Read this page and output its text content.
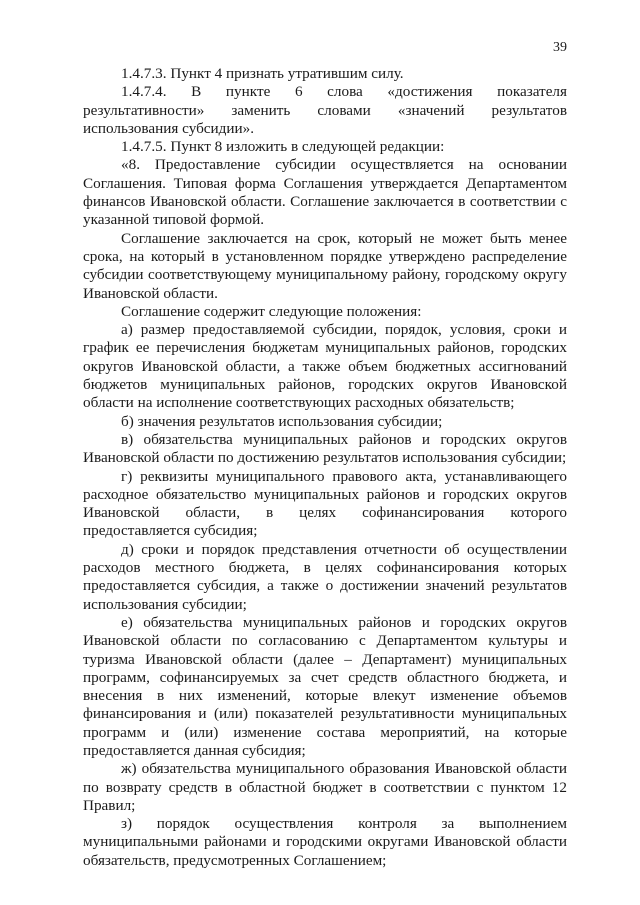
39

1.4.7.3. Пункт 4 признать утратившим силу.

1.4.7.4. В пункте 6 слова «достижения показателя результативности» заменить словами «значений результатов использования субсидии».

1.4.7.5. Пункт 8 изложить в следующей редакции:

«8. Предоставление субсидии осуществляется на основании Соглашения. Типовая форма Соглашения утверждается Департаментом финансов Ивановской области. Соглашение заключается в соответствии с указанной типовой формой.

Соглашение заключается на срок, который не может быть менее срока, на который в установленном порядке утверждено распределение субсидии соответствующему муниципальному району, городскому округу Ивановской области.

Соглашение содержит следующие положения:

а) размер предоставляемой субсидии, порядок, условия, сроки и график ее перечисления бюджетам муниципальных районов, городских округов Ивановской области, а также объем бюджетных ассигнований бюджетов муниципальных районов, городских округов Ивановской области на исполнение соответствующих расходных обязательств;

б) значения результатов использования субсидии;

в) обязательства муниципальных районов и городских округов Ивановской области по достижению результатов использования субсидии;

г) реквизиты муниципального правового акта, устанавливающего расходное обязательство муниципальных районов и городских округов Ивановской области, в целях софинансирования которого предоставляется субсидия;

д) сроки и порядок представления отчетности об осуществлении расходов местного бюджета, в целях софинансирования которых предоставляется субсидия, а также о достижении значений результатов использования субсидии;

е) обязательства муниципальных районов и городских округов Ивановской области по согласованию с Департаментом культуры и туризма Ивановской области (далее – Департамент) муниципальных программ, софинансируемых за счет средств областного бюджета, и внесения в них изменений, которые влекут изменение объемов финансирования и (или) показателей результативности муниципальных программ и (или) изменение состава мероприятий, на которые предоставляется данная субсидия;

ж) обязательства муниципального образования Ивановской области по возврату средств в областной бюджет в соответствии с пунктом 12 Правил;

з) порядок осуществления контроля за выполнением муниципальными районами и городскими округами Ивановской области обязательств, предусмотренных Соглашением;
